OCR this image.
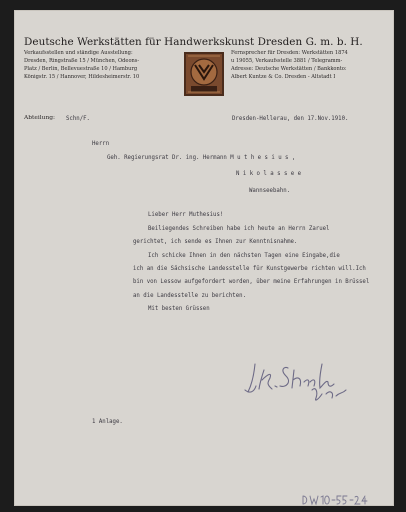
Deutsche Werkstätten für Handwerkskunst Dresden G. m. b. H.
Verkaufsstellen und ständige Ausstellung:
Dresden, Ringstraße 15 / München, Odeons-
Platz / Berlin, Bellevuestraße 10 / Hamburg
Königstr. 15 / Hannover, Hildesheimerstr. 10
Fernsprecher für Dresden: Werkstätten 1874
u 19055, Verkaufsstelle 3881 / Telegramm-
Adresse: Deutsche Werkstätten / Bankkonto:
Albert Kuntze & Co. Dresden - Altstadt I
Abteilung: Schn/F.	Dresden-Hellerau, den 17.Nov.1910.
Herrn
Geh. Regierungsrat Dr. ing. Hermann M u t h e s i u s ,
N i k o l a s s e e
Wannseebahn.
Lieber Herr Muthesius!
Beiliegendes Schreiben habe ich heute an Herrn Zaruel
gerichtet, ich sende es Ihnen zur Kenntnisnahme.
Ich schicke Ihnen in den nächsten Tagen eine Eingabe,die
ich an die Sächsische Landesstelle für Kunstgewerbe richten will.Ich
bin von Lessow aufgefordert worden, über meine Erfahrungen in Brüssel
an die Landesstelle zu berichten.
Mit besten Grüssen
1 Anlage.
